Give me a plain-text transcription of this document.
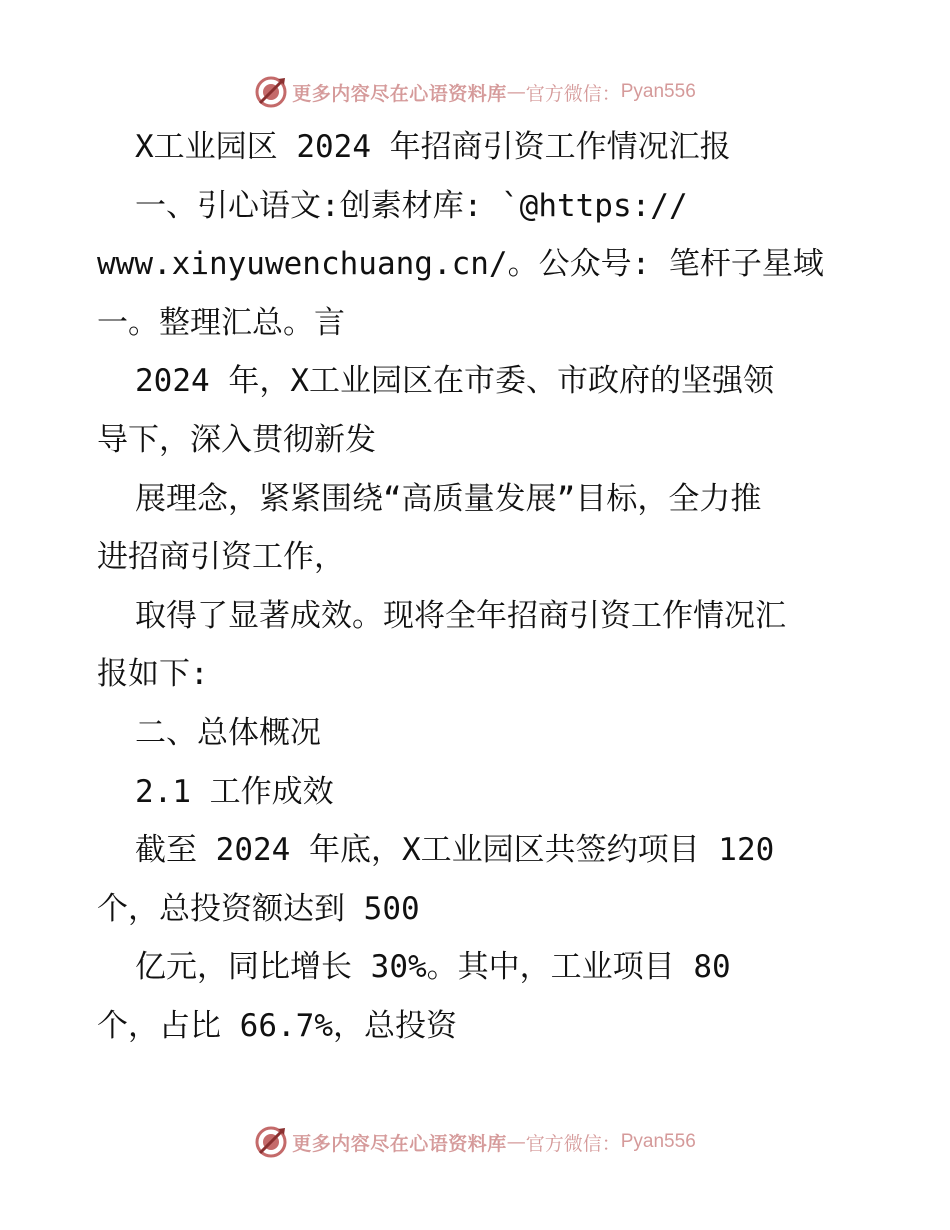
更多内容尽在心语资料库 — 官方微信： Pyan556
X工业园区 2024 年招商引资工作情况汇报
一、引心语文:创素材库: `@https://
www.xinyuwenchuang.cn/。公众号: 笔杆子星域
一。整理汇总。言
2024 年，X工业园区在市委、市政府的坚强领
导下，深入贯彻新发
展理念，紧紧围绕“高质量发展”目标，全力推
进招商引资工作，
取得了显著成效。现将全年招商引资工作情况汇
报如下:
二、总体概况
2.1 工作成效
截至 2024 年底，X工业园区共签约项目 120
个，总投资额达到 500
亿元，同比增长 30%。其中，工业项目 80
个，占比 66.7%，总投资
更多内容尽在心语资料库 — 官方微信： Pyan556
